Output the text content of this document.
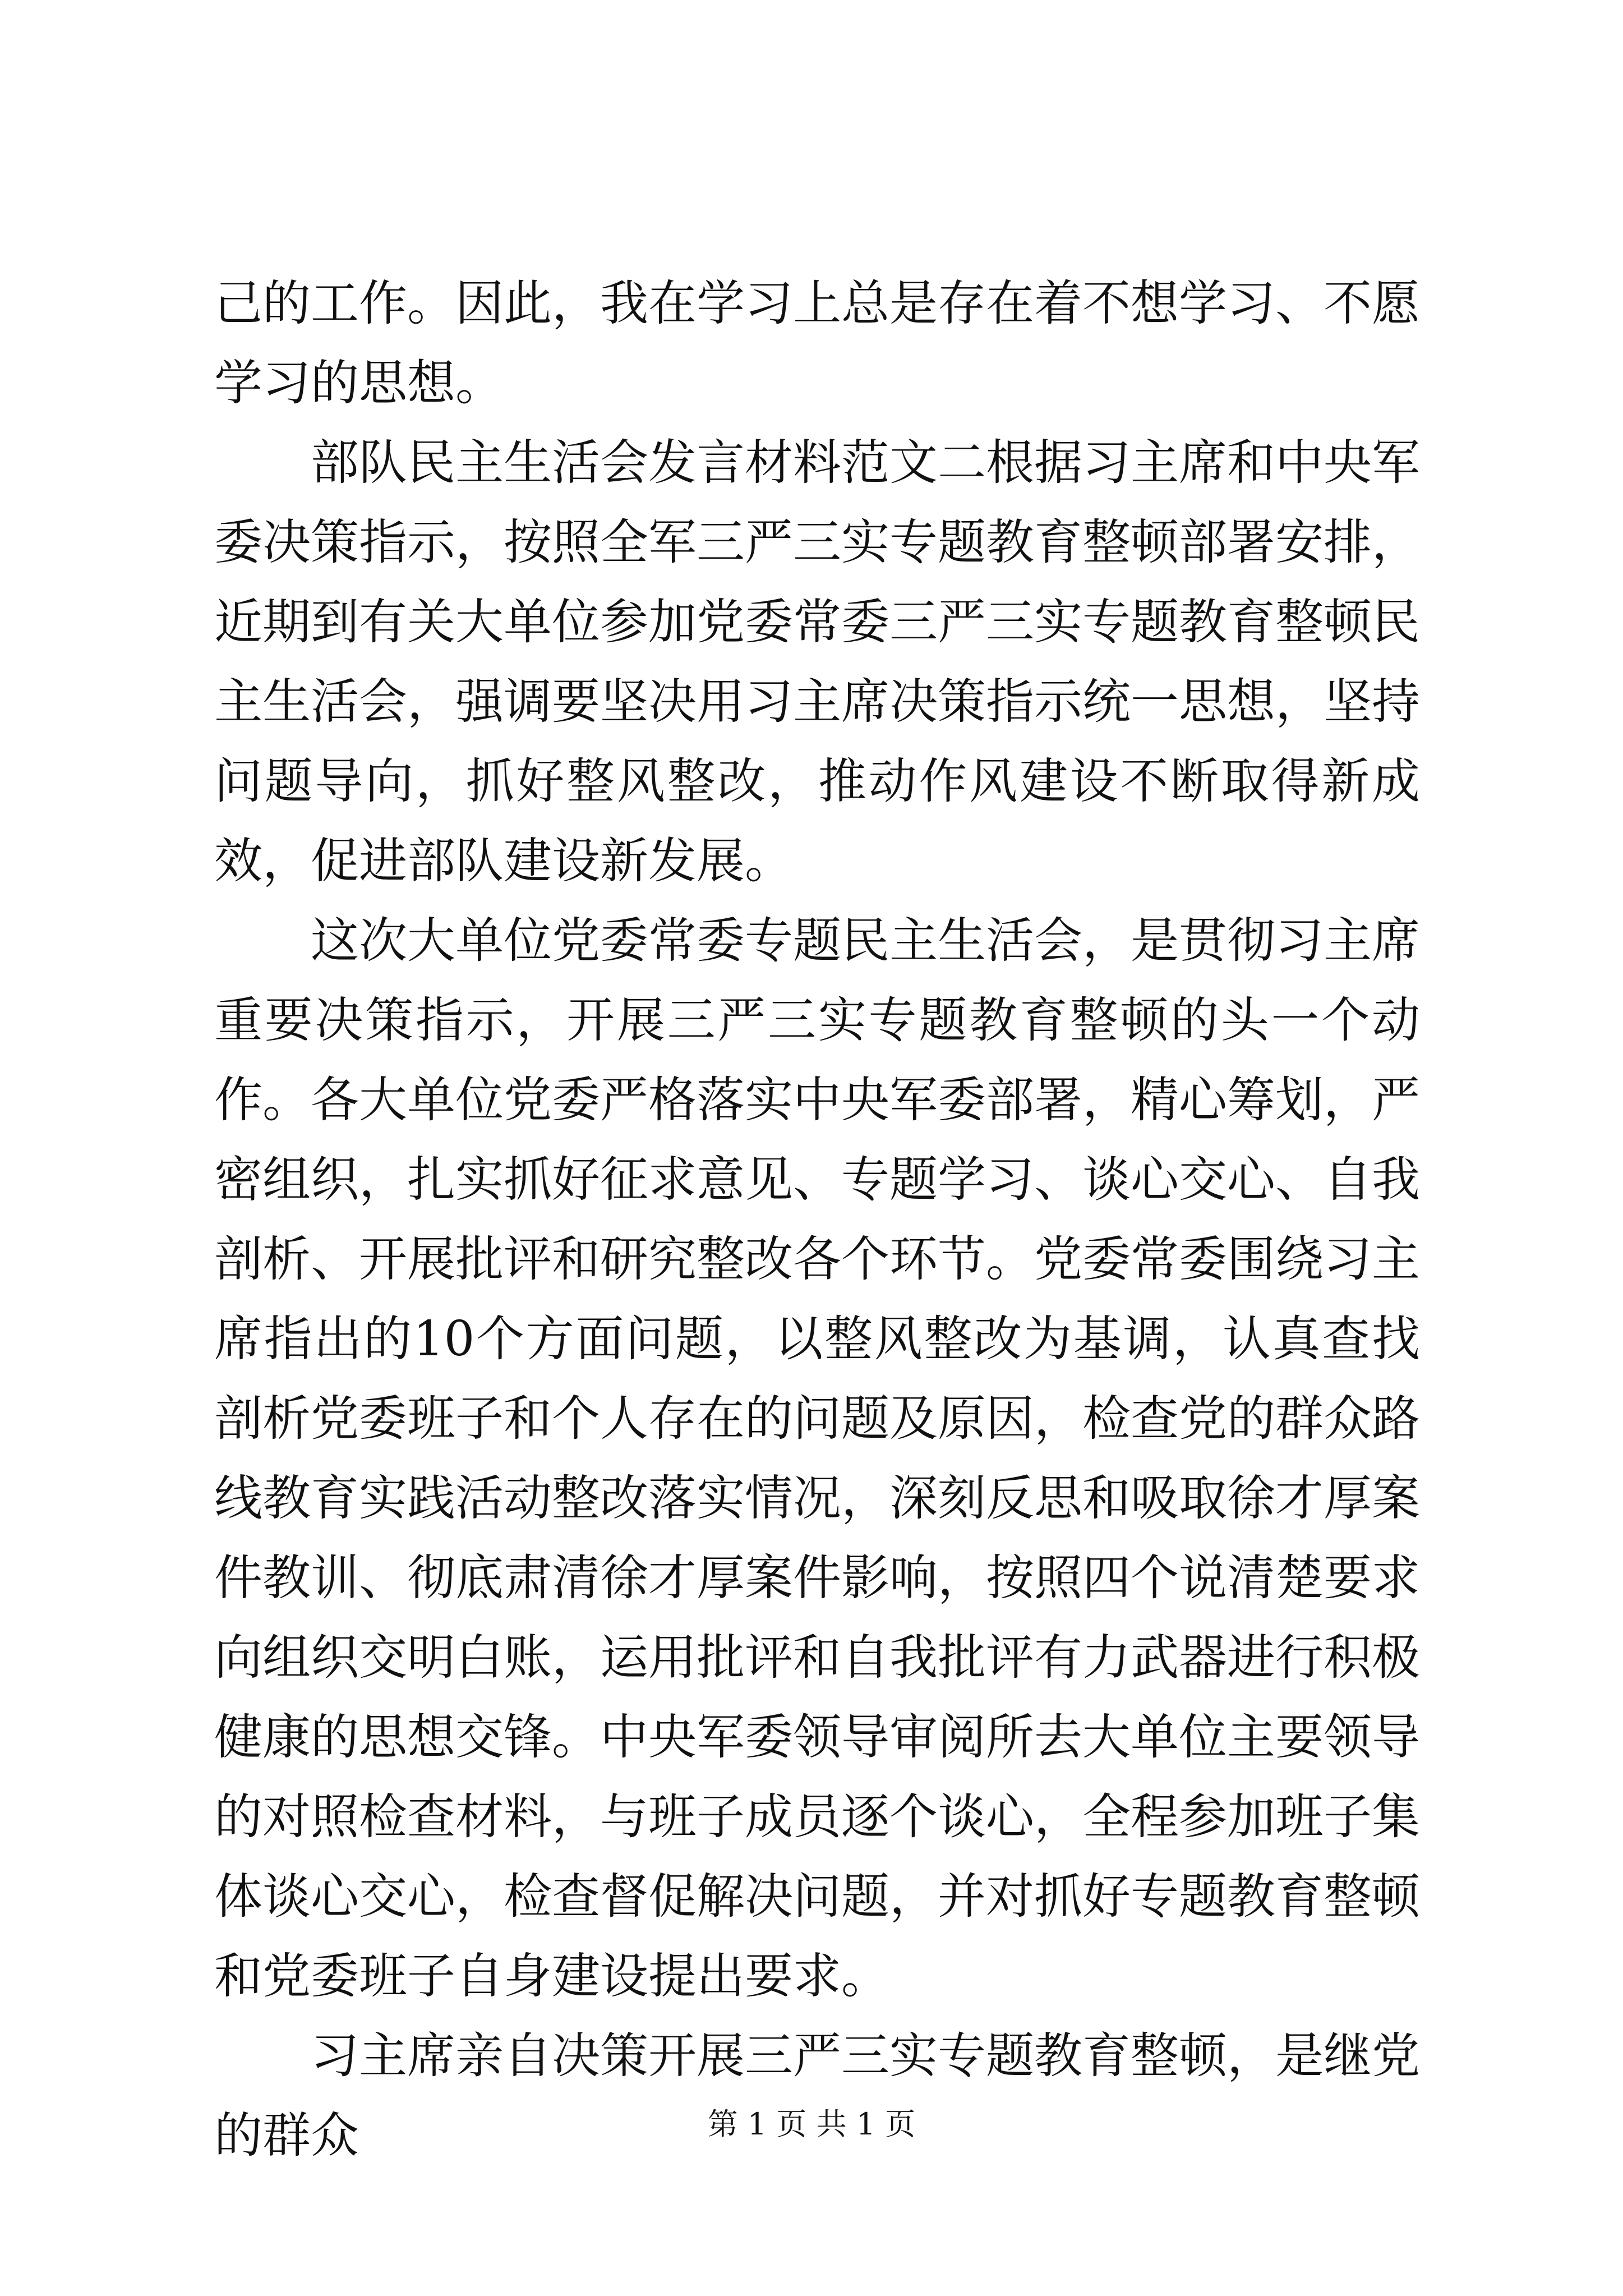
己的工作。因此，我在学习上总是存在着不想学习、不愿学习的思想。

部队民主生活会发言材料范文二根据习主席和中央军委决策指示，按照全军三严三实专题教育整顿部署安排，近期到有关大单位参加党委常委三严三实专题教育整顿民主生活会，强调要坚决用习主席决策指示统一思想，坚持问题导向，抓好整风整改，推动作风建设不断取得新成效，促进部队建设新发展。

这次大单位党委常委专题民主生活会，是贯彻习主席重要决策指示，开展三严三实专题教育整顿的头一个动作。各大单位党委严格落实中央军委部署，精心筹划，严密组织，扎实抓好征求意见、专题学习、谈心交心、自我剖析、开展批评和研究整改各个环节。党委常委围绕习主席指出的10个方面问题，以整风整改为基调，认真查找剖析党委班子和个人存在的问题及原因，检查党的群众路线教育实践活动整改落实情况，深刻反思和吸取徐才厚案件教训、彻底肃清徐才厚案件影响，按照四个说清楚要求向组织交明白账，运用批评和自我批评有力武器进行积极健康的思想交锋。中央军委领导审阅所去大单位主要领导的对照检查材料，与班子成员逐个谈心，全程参加班子集体谈心交心，检查督促解决问题，并对抓好专题教育整顿和党委班子自身建设提出要求。

习主席亲自决策开展三严三实专题教育整顿，是继党的群众	第 1 页 共 1 页
